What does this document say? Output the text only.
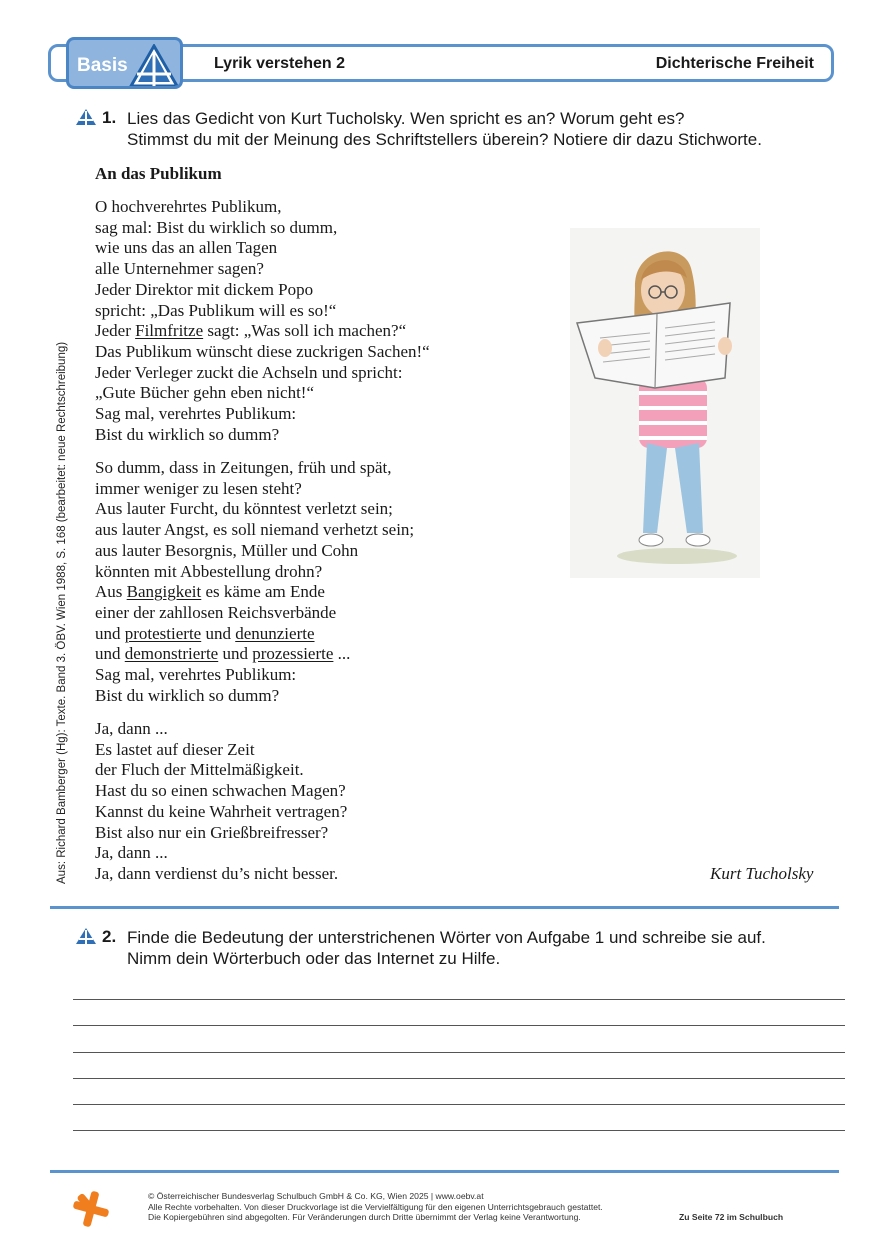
Basis	Lyrik verstehen 2	Dichterische Freiheit
Aus: Richard Bamberger (Hg): Texte. Band 3. ÖBV. Wien 1988, S. 168 (bearbeitet: neue Rechtschreibung)
1. Lies das Gedicht von Kurt Tucholsky. Wen spricht es an? Worum geht es?
Stimmst du mit der Meinung des Schriftstellers überein? Notiere dir dazu Stichworte.
An das Publikum
O hochverehrtes Publikum,
sag mal: Bist du wirklich so dumm,
wie uns das an allen Tagen
alle Unternehmer sagen?
Jeder Direktor mit dickem Popo
spricht: „Das Publikum will es so!“
Jeder Filmfritze sagt: „Was soll ich machen?“
Das Publikum wünscht diese zuckrigen Sachen!“
Jeder Verleger zuckt die Achseln und spricht:
„Gute Bücher gehn eben nicht!“
Sag mal, verehrtes Publikum:
Bist du wirklich so dumm?
So dumm, dass in Zeitungen, früh und spät,
immer weniger zu lesen steht?
Aus lauter Furcht, du könntest verletzt sein;
aus lauter Angst, es soll niemand verhetzt sein;
aus lauter Besorgnis, Müller und Cohn
könnten mit Abbestellung drohn?
Aus Bangigkeit es käme am Ende
einer der zahllosen Reichsverbände
und protestierte und denunzierte
und demonstrierte und prozessierte ...
Sag mal, verehrtes Publikum:
Bist du wirklich so dumm?
Ja, dann ...
Es lastet auf dieser Zeit
der Fluch der Mittelmäßigkeit.
Hast du so einen schwachen Magen?
Kannst du keine Wahrheit vertragen?
Bist also nur ein Grießbreifresser?
Ja, dann ...
Ja, dann verdienst du’s nicht besser.	Kurt Tucholsky
2. Finde die Bedeutung der unterstrichenen Wörter von Aufgabe 1 und schreibe sie auf.
Nimm dein Wörterbuch oder das Internet zu Hilfe.
© Österreichischer Bundesverlag Schulbuch GmbH & Co. KG, Wien 2025 | www.oebv.at
Alle Rechte vorbehalten. Von dieser Druckvorlage ist die Vervielfältigung für den eigenen Unterrichtsgebrauch gestattet.
Die Kopiergebühren sind abgegolten. Für Veränderungen durch Dritte übernimmt der Verlag keine Verantwortung.	Zu Seite 72 im Schulbuch
